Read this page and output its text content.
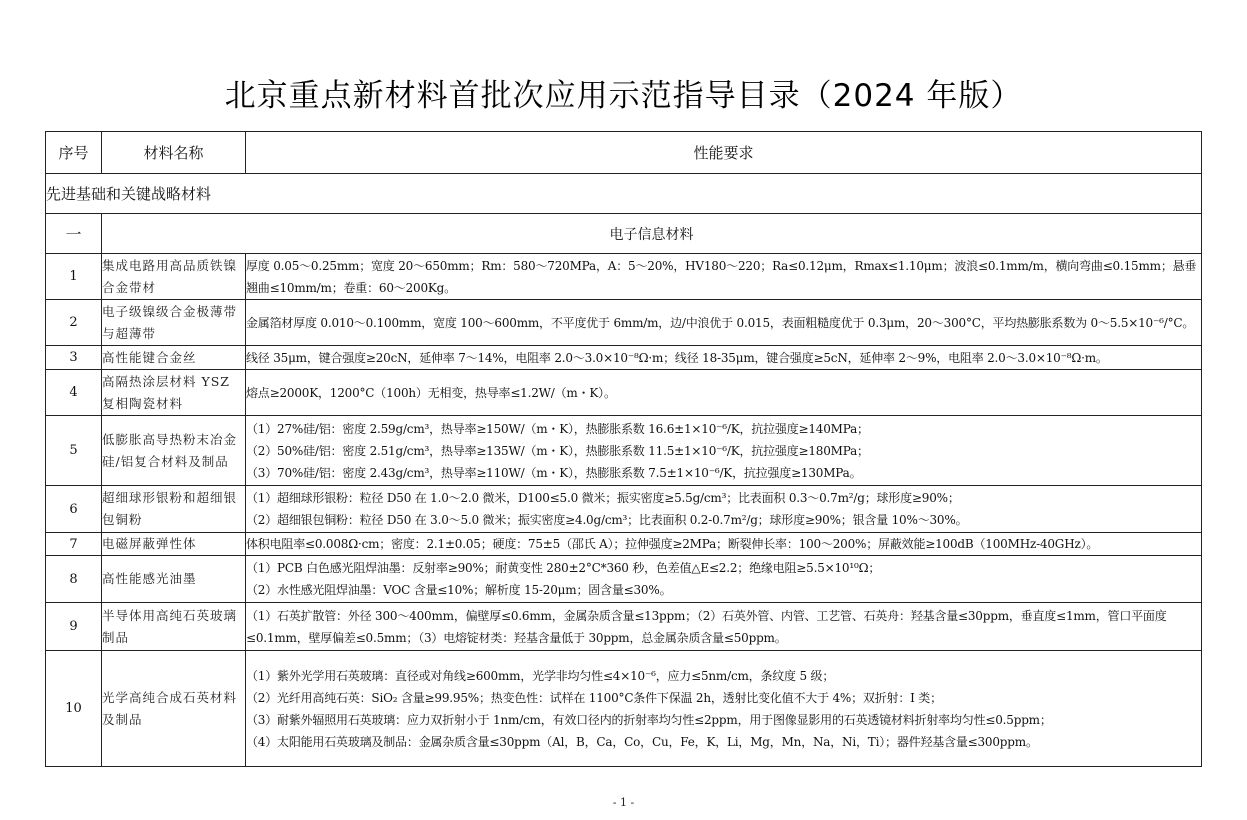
北京重点新材料首批次应用示范指导目录（2024 年版）
序号	材料名称	性能要求
先进基础和关键战略材料		
一	电子信息材料	
1	集成电路用高品质铁镍合金带材	厚度 0.05～0.25mm；宽度 20～650mm；Rm：580～720MPa，A：5～20%，HV180～220；Ra≤0.12μm，Rmax≤1.10μm；波浪≤0.1mm/m，横向弯曲≤0.15mm；悬垂翘曲≤10mm/m；卷重：60～200Kg。

2	电子级镍级合金极薄带与超薄带	金属箔材厚度 0.010～0.100mm，宽度 100～600mm，不平度优于 6mm/m，边/中浪优于 0.015，表面粗糙度优于 0.3μm，20～300°C，平均热膨胀系数为 0～5.5×10⁻⁶/°C。

3	高性能键合金丝	线径 35μm，键合强度≥20cN，延伸率 7～14%，电阻率 2.0～3.0×10⁻⁸Ω·m；线径 18-35μm，键合强度≥5cN，延伸率 2～9%，电阻率 2.0～3.0×10⁻⁸Ω·m。

4	高隔热涂层材料 YSZ 复相陶瓷材料	熔点≥2000K，1200°C（100h）无相变，热导率≤1.2W/（m・K）。

5	低膨胀高导热粉末冶金硅/铝复合材料及制品	（1）27%硅/铝：密度 2.59g/cm³，热导率≥150W/（m・K），热膨胀系数 16.6±1×10⁻⁶/K，抗拉强度≥140MPa；
（2）50%硅/铝：密度 2.51g/cm³，热导率≥135W/（m・K），热膨胀系数 11.5±1×10⁻⁶/K，抗拉强度≥180MPa；
（3）70%硅/铝：密度 2.43g/cm³，热导率≥110W/（m・K），热膨胀系数 7.5±1×10⁻⁶/K，抗拉强度≥130MPa。

6	超细球形银粉和超细银包铜粉	（1）超细球形银粉：粒径 D50 在 1.0～2.0 微米，D100≤5.0 微米；振实密度≥5.5g/cm³；比表面积 0.3～0.7m²/g；球形度≥90%；
（2）超细银包铜粉：粒径 D50 在 3.0～5.0 微米；振实密度≥4.0g/cm³；比表面积 0.2-0.7m²/g；球形度≥90%；银含量 10%～30%。

7	电磁屏蔽弹性体	体积电阻率≤0.008Ω·cm；密度：2.1±0.05；硬度：75±5（邵氏 A）；拉伸强度≥2MPa；断裂伸长率：100～200%；屏蔽效能≥100dB（100MHz-40GHz）。

8	高性能感光油墨	（1）PCB 白色感光阻焊油墨：反射率≥90%；耐黄变性 280±2°C*360 秒，色差值△E≤2.2；绝缘电阻≥5.5×10¹⁰Ω；
（2）水性感光阻焊油墨：VOC 含量≤10%；解析度 15-20μm；固含量≤30%。

9	半导体用高纯石英玻璃制品	（1）石英扩散管：外径 300～400mm，偏壁厚≤0.6mm，金属杂质含量≤13ppm；（2）石英外管、内管、工艺管、石英舟：羟基含量≤30ppm，垂直度≤1mm，管口平面度≤0.1mm，壁厚偏差≤0.5mm；（3）电熔锭材类：羟基含量低于 30ppm，总金属杂质含量≤50ppm。

10	光学高纯合成石英材料及制品	（1）紫外光学用石英玻璃：直径或对角线≥600mm，光学非均匀性≤4×10⁻⁶，应力≤5nm/cm，条纹度 5 级；
（2）光纤用高纯石英：SiO₂ 含量≥99.95%；热变色性：试样在 1100°C条件下保温 2h，透射比变化值不大于 4%；双折射：I 类；
（3）耐紫外辐照用石英玻璃：应力双折射小于 1nm/cm，有效口径内的折射率均匀性≤2ppm，用于图像显影用的石英透镜材料折射率均匀性≤0.5ppm；
（4）太阳能用石英玻璃及制品：金属杂质含量≤30ppm（Al，B，Ca，Co，Cu，Fe，K，Li，Mg，Mn，Na，Ni，Ti）；器件羟基含量≤300ppm。
- 1 -
